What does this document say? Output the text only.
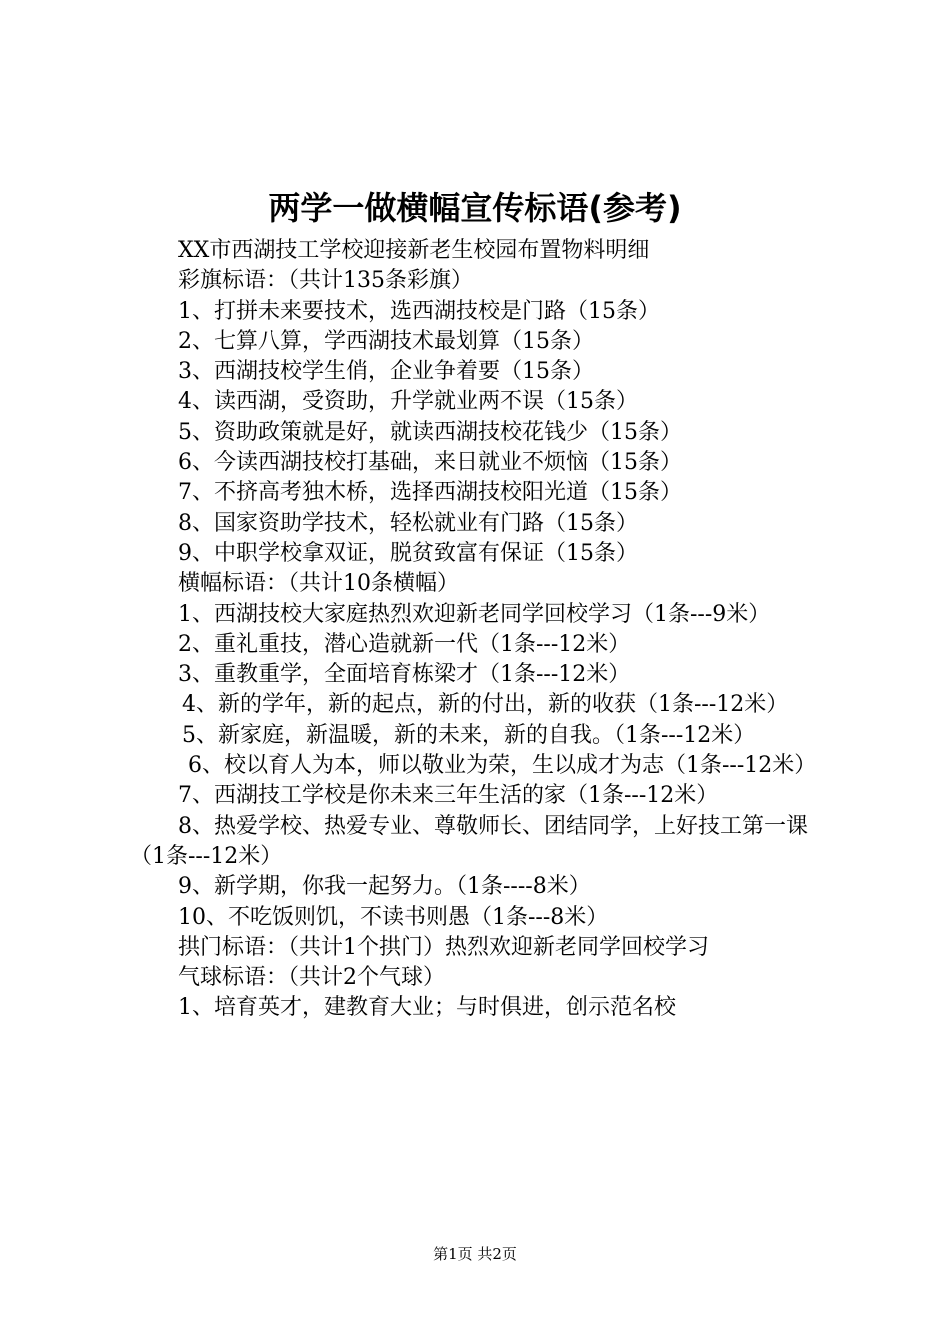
两学一做横幅宣传标语(参考)
XX市西湖技工学校迎接新老生校园布置物料明细
彩旗标语：（共计135条彩旗）
1、打拼未来要技术，选西湖技校是门路（15条）
2、七算八算，学西湖技术最划算（15条）
3、西湖技校学生俏，企业争着要（15条）
4、读西湖，受资助，升学就业两不误（15条）
5、资助政策就是好，就读西湖技校花钱少（15条）
6、今读西湖技校打基础，来日就业不烦恼（15条）
7、不挤高考独木桥，选择西湖技校阳光道（15条）
8、国家资助学技术，轻松就业有门路（15条）
9、中职学校拿双证，脱贫致富有保证（15条）
横幅标语：（共计10条横幅）
1、西湖技校大家庭热烈欢迎新老同学回校学习（1条---9米）
2、重礼重技，潜心造就新一代（1条---12米）
3、重教重学，全面培育栋梁才（1条---12米）
4、新的学年，新的起点，新的付出，新的收获（1条---12米）
5、新家庭，新温暖，新的未来，新的自我。（1条---12米）
6、校以育人为本，师以敬业为荣，生以成才为志（1条---12米）
7、西湖技工学校是你未来三年生活的家（1条---12米）
8、热爱学校、热爱专业、尊敬师长、团结同学，上好技工第一课（1条---12米）
9、新学期，你我一起努力。（1条----8米）
10、不吃饭则饥，不读书则愚（1条---8米）
拱门标语：（共计1个拱门）热烈欢迎新老同学回校学习
气球标语：（共计2个气球）
1、培育英才，建教育大业；与时俱进，创示范名校
第1页 共2页
